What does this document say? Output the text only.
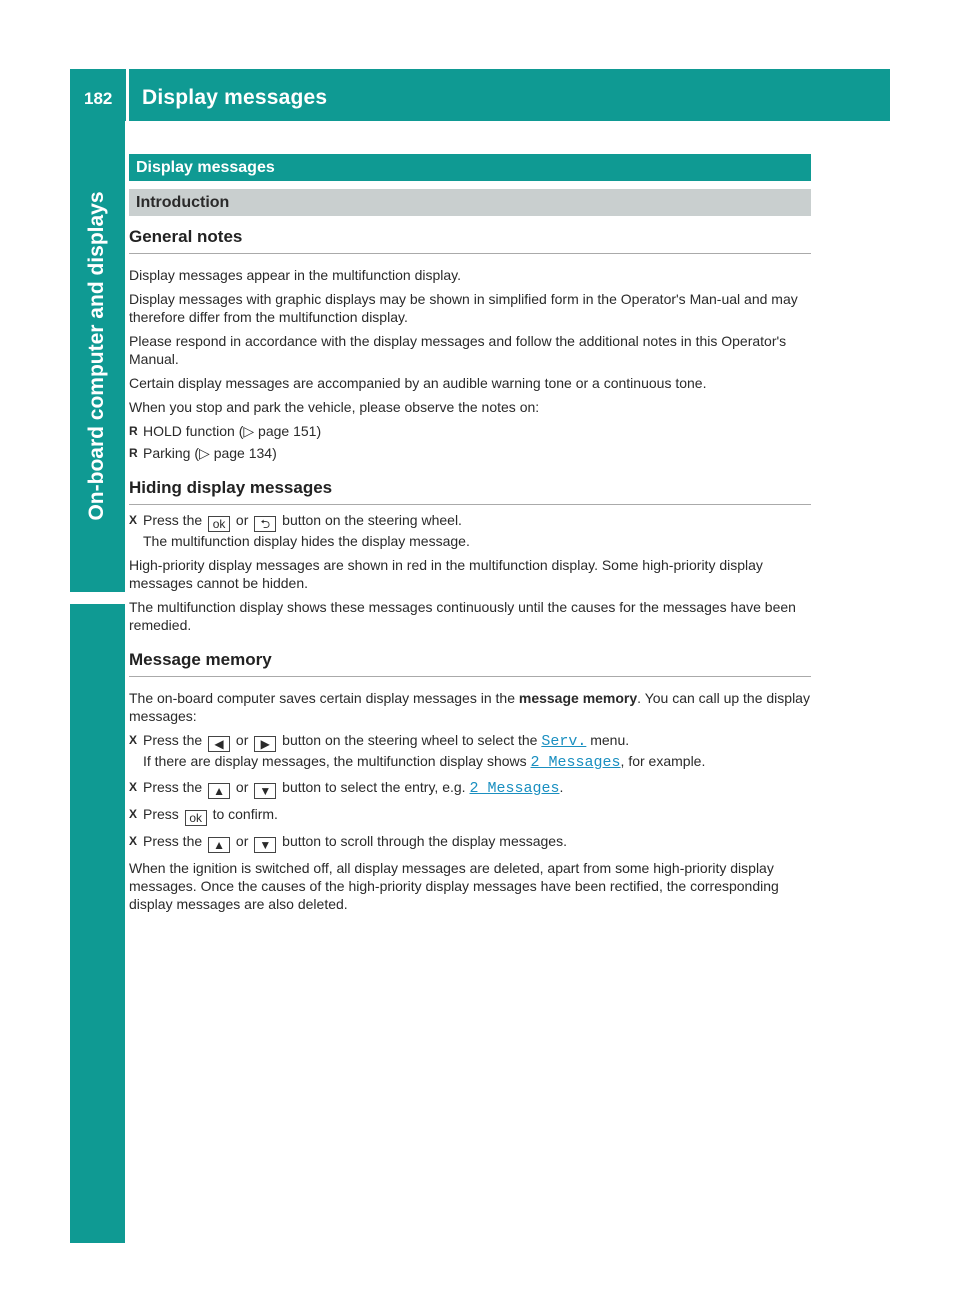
182 Display messages
On-board computer and displays
Display messages
Introduction
General notes

Display messages appear in the multifunction display.

Display messages with graphic displays may be shown in simplified form in the Operator's Man-ual and may therefore differ from the multifunction display.

Please respond in accordance with the display messages and follow the additional notes in this Operator's Manual.

Certain display messages are accompanied by an audible warning tone or a continuous tone.

When you stop and park the vehicle, please observe the notes on:

R HOLD function (▷ page 151)
R Parking (▷ page 134)
Hiding display messages
X Press the ok or ⮌ button on the steering wheel.
The multifunction display hides the display message.

High-priority display messages are shown in red in the multifunction display. Some high-priority display messages cannot be hidden.

The multifunction display shows these messages continuously until the causes for the messages have been remedied.

Message memory

The on-board computer saves certain display messages in the message memory. You can call up the display messages:

X Press the ◀ or ▶ button on the steering wheel to select the Serv. menu.
If there are display messages, the multifunction display shows 2 Messages, for example.
X Press the ▲ or ▼ button to select the entry, e.g. 2 Messages.
X Press ok to confirm.
X Press the ▲ or ▼ button to scroll through the display messages.

When the ignition is switched off, all display messages are deleted, apart from some high-priority display messages. Once the causes of the high-priority display messages have been rectified, the corresponding display messages are also deleted.
